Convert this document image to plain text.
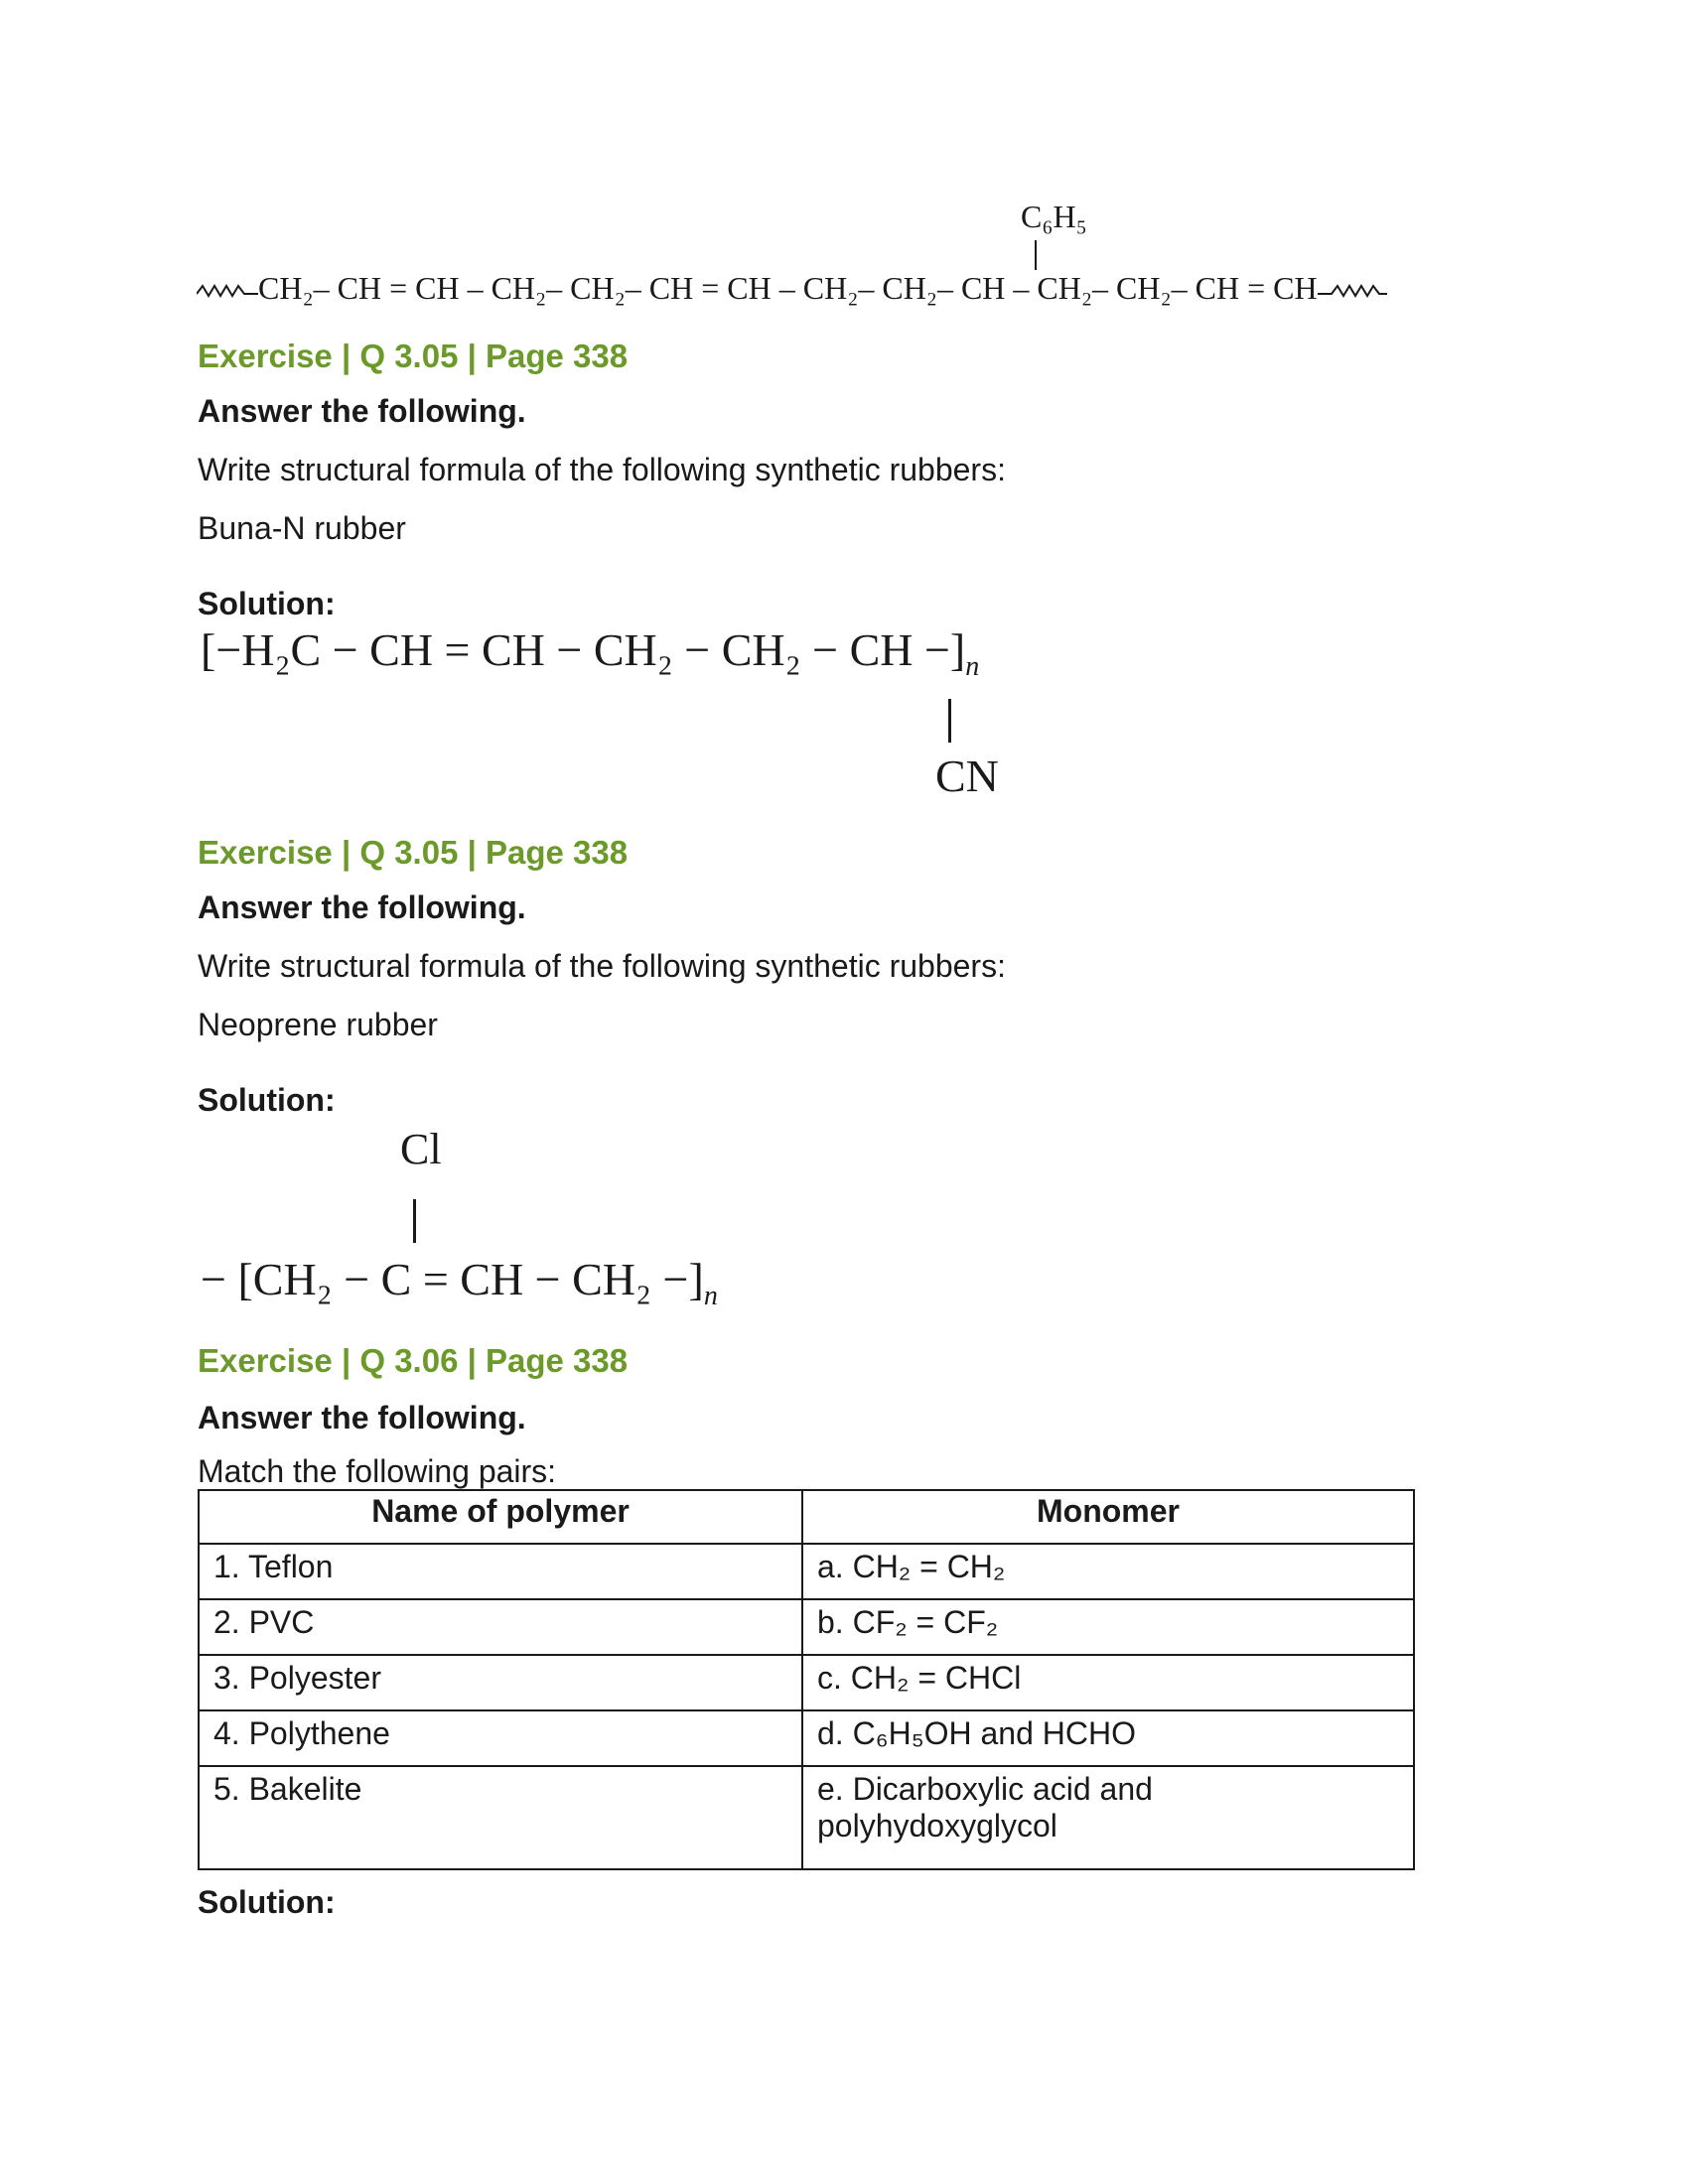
C₆H₅
CH₂– CH = CH – CH₂– CH₂– CH = CH – CH₂– CH₂– CH – CH₂– CH₂– CH = CH
Exercise | Q 3.05 | Page 338
Answer the following.
Write structural formula of the following synthetic rubbers:
Buna-N rubber
Solution:
[−H₂C − CH = CH − CH₂ − CH₂ − CH $-]_n$
CN
Exercise | Q 3.05 | Page 338
Answer the following.
Write structural formula of the following synthetic rubbers:
Neoprene rubber
Solution:
Cl
− [CH₂ − C = CH − $CH_2 -]_n$
Exercise | Q 3.06 | Page 338
Answer the following.
Match the following pairs:
Name of polymer	Monomer
1. Teflon	a. CH₂ = CH₂
2. PVC	b. CF₂ = CF₂
3. Polyester	c. CH₂ = CHCl
4. Polythene	d. C₆H₅OH and HCHO
5. Bakelite	e. Dicarboxylic acid and polyhydoxyglycol
Solution:
